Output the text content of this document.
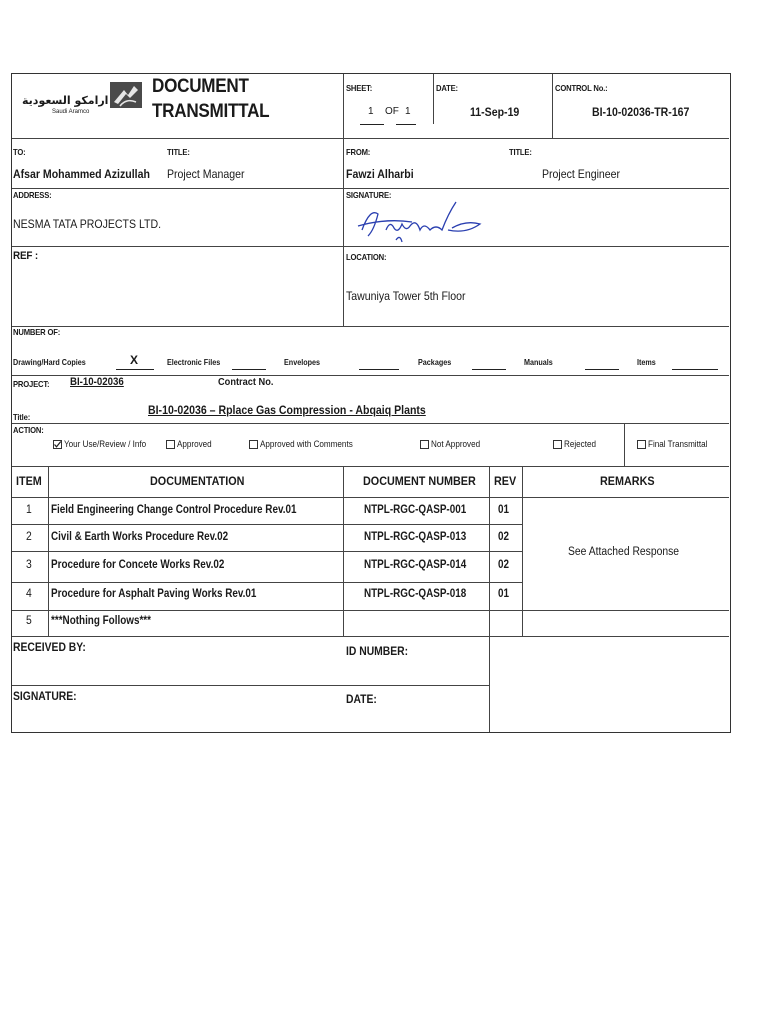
ارامكو السعودية
Saudi Aramco
DOCUMENT
TRANSMITTAL
SHEET:
1 OF 1
DATE:
11-Sep-19
CONTROL No.:
BI-10-02036-TR-167
TO:
Afsar Mohammed Azizullah
TITLE:
Project Manager
FROM:
Fawzi Alharbi
TITLE:
Project Engineer
ADDRESS:
NESMA TATA PROJECTS LTD.
SIGNATURE:
REF :	LOCATION:
Tawuniya Tower 5th Floor
NUMBER OF:
Drawing/Hard Copies	X	Electronic Files	Envelopes	Packages	Manuals	Items
PROJECT: BI-10-02036	Contract No.
Title:	BI-10-02036 – Rplace Gas Compression - Abqaiq Plants
ACTION:
Your Use/Review / Info	Approved	Approved with Comments	Not Approved	Rejected	Final Transmittal
ITEM	DOCUMENTATION	DOCUMENT NUMBER REV	REMARKS
1 Field Engineering Change Control Procedure Rev.01	NTPL-RGC-QASP-001	01
2 Civil & Earth Works Procedure Rev.02	NTPL-RGC-QASP-013	02
3 Procedure for Concete Works Rev.02	NTPL-RGC-QASP-014	02
4 Procedure for Asphalt Paving Works Rev.01	NTPL-RGC-QASP-018	01
5 ***Nothing Follows***
See Attached Response
RECEIVED BY:	ID NUMBER:
SIGNATURE:	DATE:
